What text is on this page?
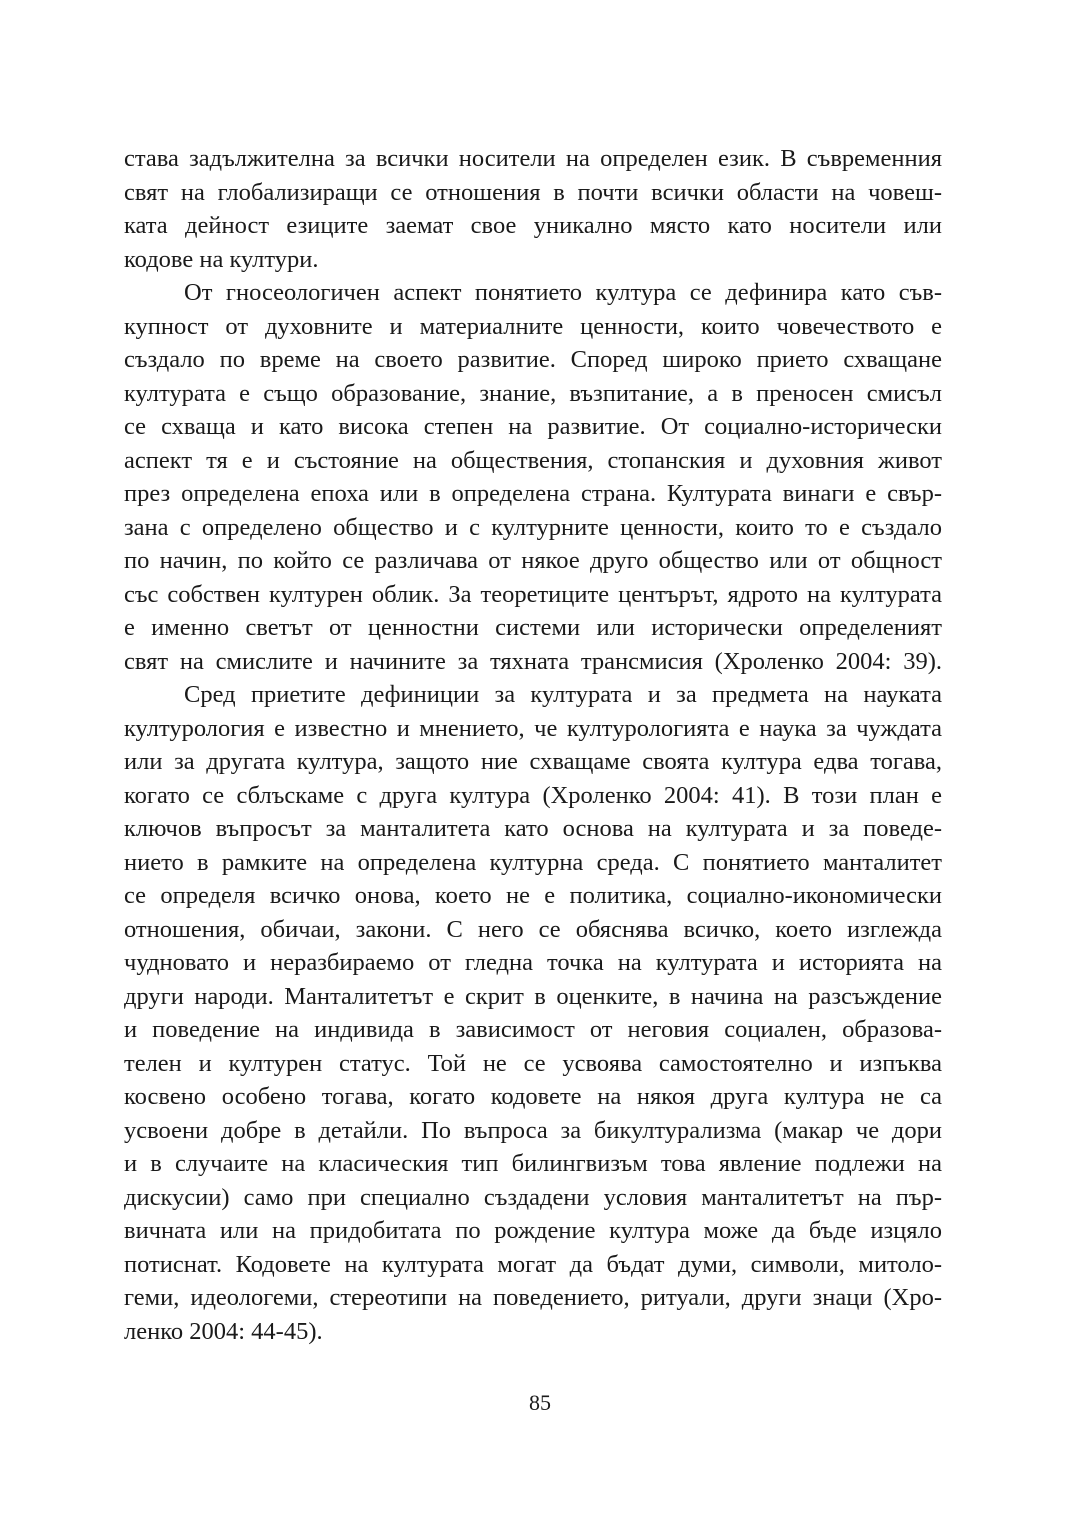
става задължителна за всички носители на определен език. В съвременния
свят на глобализиращи се отношения в почти всички области на човеш-
ката дейност езиците заемат свое уникално място като носители или
кодове на култури.
От гносеологичен аспект понятието култура се дефинира като съв-
купност от духовните и материалните ценности, които човечеството е
създало по време на своето развитие. Според широко прието схващане
културата е също образование, знание, възпитание, а в преносен смисъл
се схваща и като висока степен на развитие. От социално-исторически
аспект тя е и състояние на обществения, стопанския и духовния живот
през определена епоха или в определена страна. Културата винаги е свър-
зана с определено общество и с културните ценности, които то е създало
по начин, по който се различава от някое друго общество или от общност
със собствен културен облик. За теоретиците центърът, ядрото на културата
е именно светът от ценностни системи или исторически определеният
свят на смислите и начините за тяхната трансмисия (Хроленко 2004: 39).
Сред приетите дефиниции за културата и за предмета на науката
културология е известно и мнението, че културологията е наука за чуждата
или за другата култура, защото ние схващаме своята култура едва тогава,
когато се сблъскаме с друга култура (Хроленко 2004: 41). В този план е
ключов въпросът за манталитета като основа на културата и за поведе-
нието в рамките на определена културна среда. С понятието манталитет
се определя всичко онова, което не е политика, социално-икономически
отношения, обичаи, закони. С него се обяснява всичко, което изглежда
чудновато и неразбираемо от гледна точка на културата и историята на
други народи. Манталитетът е скрит в оценките, в начина на разсъждение
и поведение на индивида в зависимост от неговия социален, образова-
телен и културен статус. Той не се усвоява самостоятелно и изпъква
косвено особено тогава, когато кодовете на някоя друга култура не са
усвоени добре в детайли. По въпроса за бикултурализма (макар че дори
и в случаите на класическия тип билингвизъм това явление подлежи на
дискусии) само при специално създадени условия манталитетът на пър-
вичната или на придобитата по рождение култура може да бъде изцяло
потиснат. Кодовете на културата могат да бъдат думи, символи, митоло-
геми, идеологеми, стереотипи на поведението, ритуали, други знаци (Хро-
ленко 2004: 44-45).
85
